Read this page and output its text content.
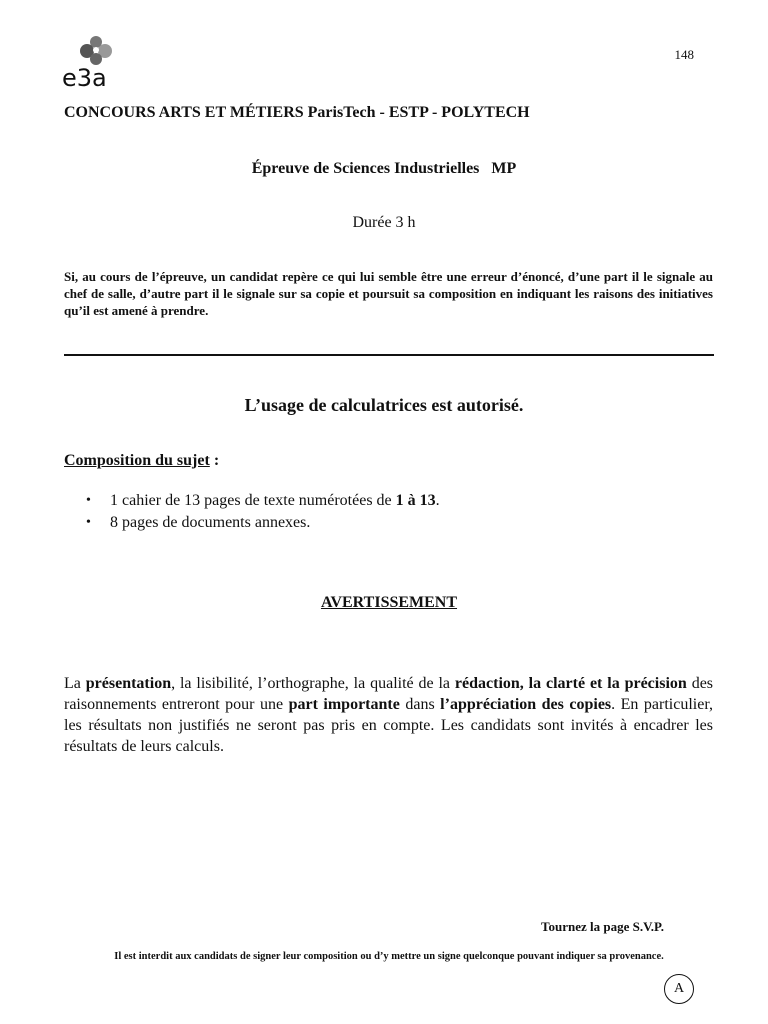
e3a
148
CONCOURS ARTS ET MÉTIERS ParisTech - ESTP - POLYTECH
Épreuve de Sciences Industrielles   MP
Durée 3 h
Si, au cours de l’épreuve, un candidat repère ce qui lui semble être une erreur d’énoncé, d’une part il le signale au chef de salle, d’autre part il le signale sur sa copie et poursuit sa composition en indiquant les raisons des initiatives qu’il est amené à prendre.
L’usage de calculatrices est autorisé.
Composition du sujet :
• 1 cahier de 13 pages de texte numérotées de 1 à 13.
• 8 pages de documents annexes.
AVERTISSEMENT
La présentation, la lisibilité, l’orthographe, la qualité de la rédaction, la clarté et la précision des raisonnements entreront pour une part importante dans l’appréciation des copies. En particulier, les résultats non justifiés ne seront pas pris en compte. Les candidats sont invités à encadrer les résultats de leurs calculs.
Tournez la page S.V.P.
Il est interdit aux candidats de signer leur composition ou d’y mettre un signe quelconque pouvant indiquer sa provenance.
A
